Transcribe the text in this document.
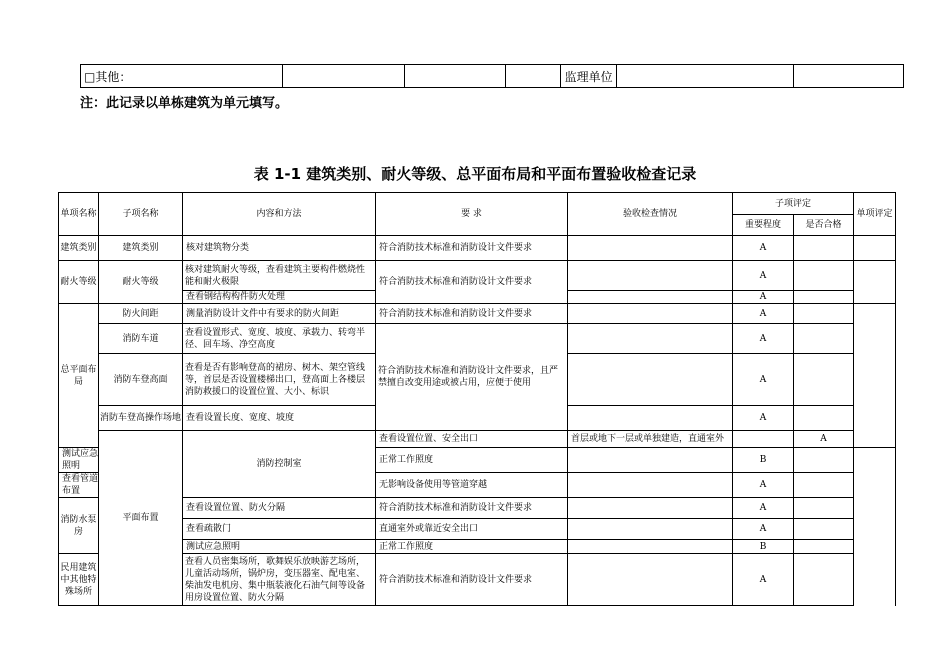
□其他：				监理单位		
注：此记录以单栋建筑为单元填写。
表 1-1 建筑类别、耐火等级、总平面布局和平面布置验收检查记录
单项名称	子项名称	内容和方法	要 求	验收检查情况	子项评定		单项评定	
					重要程度	是否合格		
建筑类别	建筑类别	核对建筑物分类	符合消防技术标准和消防设计文件要求		A			
耐火等级	耐火等级	核对建筑耐火等级，查看建筑主要构件燃烧性能和耐火极限	符合消防技术标准和消防设计文件要求		A			
		查看钢结构构件防火处理			A			
总平面布局	防火间距	测量消防设计文件中有要求的防火间距	符合消防技术标准和消防设计文件要求		A			
	消防车道	查看设置形式、宽度、坡度、承载力、转弯半径、回车场、净空高度	符合消防技术标准和消防设计文件要求，且严禁擅自改变用途或被占用，应便于使用		A			
	消防车登高面	查看是否有影响登高的裙房、树木、架空管线等，首层是否设置楼梯出口，登高面上各楼层消防救援口的设置位置、大小、标识			A			
	消防车登高操作场地	查看设置长度、宽度、坡度			A			
	平面布置	消防控制室	查看设置位置、安全出口	首层或地下一层或单独建造，直通室外		A		
测试应急照明			正常工作照度		B			
查看管道布置			无影响设备使用等管道穿越		A			
消防水泵房		查看设置位置、防火分隔	符合消防技术标准和消防设计文件要求		A			
		查看疏散门	直通室外或靠近安全出口		A			
		测试应急照明	正常工作照度		B			
民用建筑中其他特殊场所		查看人员密集场所，歌舞娱乐放映游艺场所，儿童活动场所，锅炉房，变压器室、配电室、柴油发电机房、集中瓶装液化石油气间等设备用房设置位置、防火分隔	符合消防技术标准和消防设计文件要求		A			
